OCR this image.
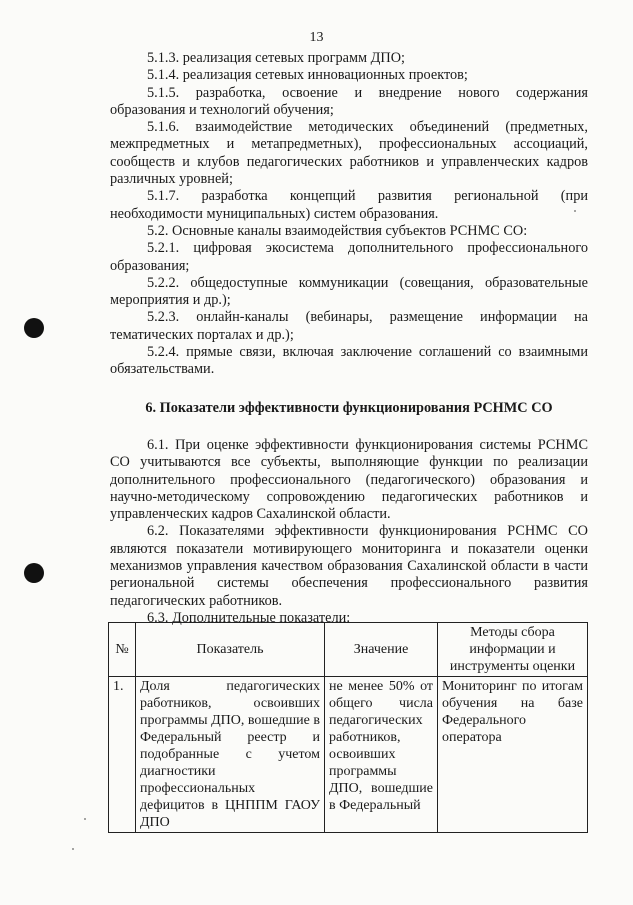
13

5.1.3. реализация сетевых программ ДПО;

5.1.4. реализация сетевых инновационных проектов;

5.1.5. разработка, освоение и внедрение нового содержания образования и технологий обучения;

5.1.6. взаимодействие методических объединений (предметных, межпредметных и метапредметных), профессиональных ассоциаций, сообществ и клубов педагогических работников и управленческих кадров различных уровней;

5.1.7. разработка концепций развития региональной (при необходимости муниципальных) систем образования.

5.2. Основные каналы взаимодействия субъектов РСНМС СО:

5.2.1. цифровая экосистема дополнительного профессионального образования;

5.2.2. общедоступные коммуникации (совещания, образовательные мероприятия и др.);

5.2.3. онлайн-каналы (вебинары, размещение информации на тематических порталах и др.);

5.2.4. прямые связи, включая заключение соглашений со взаимными обязательствами.

6. Показатели эффективности функционирования РСНМС СО

6.1. При оценке эффективности функционирования системы РСНМС СО учитываются все субъекты, выполняющие функции по реализации дополнительного профессионального (педагогического) образования и научно-методическому сопровождению педагогических работников и управленческих кадров Сахалинской области.

6.2. Показателями эффективности функционирования РСНМС СО являются показатели мотивирующего мониторинга и показатели оценки механизмов управления качеством образования Сахалинской области в части региональной системы обеспечения профессионального развития педагогических работников.

6.3. Дополнительные показатели:

№	Показатель	Значение	Методы сбора информации и инструменты оценки
1.	Доля педагогических работников, освоивших программы ДПО, вошедшие в Федеральный реестр и подобранные с учетом диагностики профессиональных дефицитов в ЦНППМ ГАОУ ДПО	не менее 50% от общего числа педагогических работников, освоивших программы ДПО, вошедшие в Федеральный	Мониторинг по итогам обучения на базе Федерального оператора
